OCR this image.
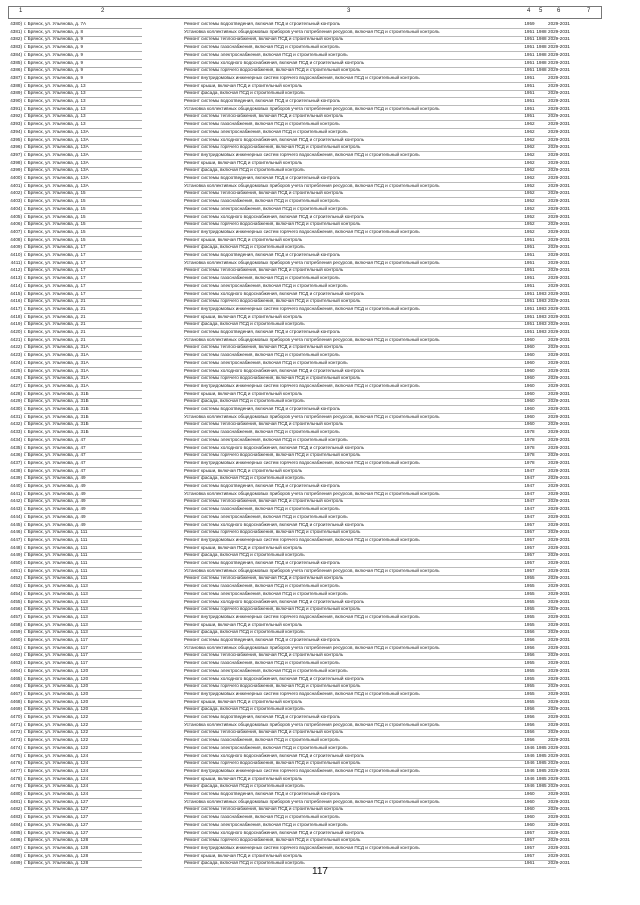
1	2	3	4 5 6	7
4380) г. Брянск, ул. Ульянова, д. 7А	Ремонт системы водоотведения, включая ПСД и строительный контроль	1959	2029-2031
4381) г. Брянск, ул. Ульянова, д. 8	Установка коллективных общедомовых приборов учета потребления ресурсов, включая ПСД и строительный контроль	1951 1988 2029-2031
4382) г. Брянск, ул. Ульянова, д. 9	Ремонт системы теплоснабжения, включая ПСД и строительный контроль	1951 1988 2029-2031
4383) г. Брянск, ул. Ульянова, д. 9	Ремонт системы газоснабжения, включая ПСД и строительный контроль	1951 1988 2029-2031
4384) г. Брянск, ул. Ульянова, д. 9	Ремонт системы электроснабжения, включая ПСД и строительный контроль	1951 1988 2029-2031
4385) г. Брянск, ул. Ульянова, д. 9	Ремонт системы холодного водоснабжения, включая ПСД и строительный контроль	1951 1988 2029-2031
4386) г. Брянск, ул. Ульянова, д. 9	Ремонт системы горячего водоснабжения, включая ПСД и строительный контроль	1951 1988 2029-2031
4387) г. Брянск, ул. Ульянова, д. 9	Ремонт внутридомовых инженерных систем горячего водоснабжения, включая ПСД и строительный контроль	1951	2029-2031
4388) г. Брянск, ул. Ульянова, д. 13	Ремонт крыши, включая ПСД и строительный контроль	1951	2029-2031
4389) г. Брянск, ул. Ульянова, д. 13	Ремонт фасада, включая ПСД и строительный контроль	1951	2029-2031
4390) г. Брянск, ул. Ульянова, д. 13	Ремонт системы водоотведения, включая ПСД и строительный контроль	1951	2029-2031
4391) г. Брянск, ул. Ульянова, д. 13	Установка коллективных общедомовых приборов учета потребления ресурсов, включая ПСД и строительный контроль	1951	2029-2031
4392) г. Брянск, ул. Ульянова, д. 13	Ремонт системы теплоснабжения, включая ПСД и строительный контроль	1951	2029-2031
4393) г. Брянск, ул. Ульянова, д. 13	Ремонт системы газоснабжения, включая ПСД и строительный контроль	1962	2029-2031
4394) г. Брянск, ул. Ульянова, д. 13А	Ремонт системы электроснабжения, включая ПСД и строительный контроль	1962	2029-2031
4395) г. Брянск, ул. Ульянова, д. 13А	Ремонт системы холодного водоснабжения, включая ПСД и строительный контроль	1962	2029-2031
4396) г. Брянск, ул. Ульянова, д. 13А	Ремонт системы горячего водоснабжения, включая ПСД и строительный контроль	1962	2029-2031
4397) г. Брянск, ул. Ульянова, д. 13А	Ремонт внутридомовых инженерных систем горячего водоснабжения, включая ПСД и строительный контроль	1962	2029-2031
4398) г. Брянск, ул. Ульянова, д. 13А	Ремонт крыши, включая ПСД и строительный контроль	1962	2029-2031
4399) г. Брянск, ул. Ульянова, д. 13А	Ремонт фасада, включая ПСД и строительный контроль	1962	2029-2031
4400) г. Брянск, ул. Ульянова, д. 13А	Ремонт системы водоотведения, включая ПСД и строительный контроль	1962	2029-2031
4401) г. Брянск, ул. Ульянова, д. 13А	Установка коллективных общедомовых приборов учета потребления ресурсов, включая ПСД и строительный контроль	1952	2029-2031
4402) г. Брянск, ул. Ульянова, д. 15	Ремонт системы теплоснабжения, включая ПСД и строительный контроль	1952	2029-2031
4403) г. Брянск, ул. Ульянова, д. 15	Ремонт системы газоснабжения, включая ПСД и строительный контроль	1952	2029-2031
4404) г. Брянск, ул. Ульянова, д. 15	Ремонт системы электроснабжения, включая ПСД и строительный контроль	1952	2029-2031
4405) г. Брянск, ул. Ульянова, д. 15	Ремонт системы холодного водоснабжения, включая ПСД и строительный контроль	1952	2029-2031
4406) г. Брянск, ул. Ульянова, д. 15	Ремонт системы горячего водоснабжения, включая ПСД и строительный контроль	1952	2029-2031
4407) г. Брянск, ул. Ульянова, д. 15	Ремонт внутридомовых инженерных систем горячего водоснабжения, включая ПСД и строительный контроль	1952	2029-2031
4408) г. Брянск, ул. Ульянова, д. 15	Ремонт крыши, включая ПСД и строительный контроль	1951	2029-2031
4409) г. Брянск, ул. Ульянова, д. 17	Ремонт фасада, включая ПСД и строительный контроль	1951	2029-2031
4410) г. Брянск, ул. Ульянова, д. 17	Ремонт системы водоотведения, включая ПСД и строительный контроль	1951	2029-2031
4411) г. Брянск, ул. Ульянова, д. 17	Установка коллективных общедомовых приборов учета потребления ресурсов, включая ПСД и строительный контроль	1951	2029-2031
4412) г. Брянск, ул. Ульянова, д. 17	Ремонт системы теплоснабжения, включая ПСД и строительный контроль	1951	2029-2031
4413) г. Брянск, ул. Ульянова, д. 17	Ремонт системы газоснабжения, включая ПСД и строительный контроль	1951	2029-2031
4414) г. Брянск, ул. Ульянова, д. 17	Ремонт системы электроснабжения, включая ПСД и строительный контроль	1951	2029-2031
4415) г. Брянск, ул. Ульянова, д. 17	Ремонт системы холодного водоснабжения, включая ПСД и строительный контроль	1951 1983 2029-2031
4416) г. Брянск, ул. Ульянова, д. 21	Ремонт системы горячего водоснабжения, включая ПСД и строительный контроль	1951 1983 2029-2031
4417) г. Брянск, ул. Ульянова, д. 21	Ремонт внутридомовых инженерных систем горячего водоснабжения, включая ПСД и строительный контроль	1951 1983 2029-2031
4418) г. Брянск, ул. Ульянова, д. 21	Ремонт крыши, включая ПСД и строительный контроль	1951 1983 2029-2031
4419) г. Брянск, ул. Ульянова, д. 21	Ремонт фасада, включая ПСД и строительный контроль	1951 1983 2029-2031
4420) г. Брянск, ул. Ульянова, д. 21	Ремонт системы водоотведения, включая ПСД и строительный контроль	1951 1983 2029-2031
4421) г. Брянск, ул. Ульянова, д. 21	Установка коллективных общедомовых приборов учета потребления ресурсов, включая ПСД и строительный контроль	1960	2029-2031
4422) г. Брянск, ул. Ульянова, д. 31А	Ремонт системы теплоснабжения, включая ПСД и строительный контроль	1960	2029-2031
4423) г. Брянск, ул. Ульянова, д. 31А	Ремонт системы газоснабжения, включая ПСД и строительный контроль	1960	2029-2031
4424) г. Брянск, ул. Ульянова, д. 31А	Ремонт системы электроснабжения, включая ПСД и строительный контроль	1960	2029-2031
4425) г. Брянск, ул. Ульянова, д. 31А	Ремонт системы холодного водоснабжения, включая ПСД и строительный контроль	1960	2029-2031
4426) г. Брянск, ул. Ульянова, д. 31А	Ремонт системы горячего водоснабжения, включая ПСД и строительный контроль	1960	2029-2031
4427) г. Брянск, ул. Ульянова, д. 31А	Ремонт внутридомовых инженерных систем горячего водоснабжения, включая ПСД и строительный контроль	1960	2029-2031
4428) г. Брянск, ул. Ульянова, д. 31Б	Ремонт крыши, включая ПСД и строительный контроль	1960	2029-2031
4429) г. Брянск, ул. Ульянова, д. 31Б	Ремонт фасада, включая ПСД и строительный контроль	1960	2029-2031
4430) г. Брянск, ул. Ульянова, д. 31Б	Ремонт системы водоотведения, включая ПСД и строительный контроль	1960	2029-2031
4431) г. Брянск, ул. Ульянова, д. 31Б	Установка коллективных общедомовых приборов учета потребления ресурсов, включая ПСД и строительный контроль	1960	2029-2031
4432) г. Брянск, ул. Ульянова, д. 31Б	Ремонт системы теплоснабжения, включая ПСД и строительный контроль	1960	2029-2031
4433) г. Брянск, ул. Ульянова, д. 31Б	Ремонт системы газоснабжения, включая ПСД и строительный контроль	1978	2029-2031
4434) г. Брянск, ул. Ульянова, д. 47	Ремонт системы электроснабжения, включая ПСД и строительный контроль	1978	2029-2031
4435) г. Брянск, ул. Ульянова, д. 47	Ремонт системы холодного водоснабжения, включая ПСД и строительный контроль	1978	2029-2031
4436) г. Брянск, ул. Ульянова, д. 47	Ремонт системы горячего водоснабжения, включая ПСД и строительный контроль	1978	2029-2031
4437) г. Брянск, ул. Ульянова, д. 47	Ремонт внутридомовых инженерных систем горячего водоснабжения, включая ПСД и строительный контроль	1978	2029-2031
4438) г. Брянск, ул. Ульянова, д. 47	Ремонт крыши, включая ПСД и строительный контроль	1947	2029-2031
4439) г. Брянск, ул. Ульянова, д. 49	Ремонт фасада, включая ПСД и строительный контроль	1947	2029-2031
4440) г. Брянск, ул. Ульянова, д. 49	Ремонт системы водоотведения, включая ПСД и строительный контроль	1947	2029-2031
4441) г. Брянск, ул. Ульянова, д. 49	Установка коллективных общедомовых приборов учета потребления ресурсов, включая ПСД и строительный контроль	1947	2029-2031
4442) г. Брянск, ул. Ульянова, д. 49	Ремонт системы теплоснабжения, включая ПСД и строительный контроль	1947	2029-2031
4443) г. Брянск, ул. Ульянова, д. 49	Ремонт системы газоснабжения, включая ПСД и строительный контроль	1947	2029-2031
4444) г. Брянск, ул. Ульянова, д. 49	Ремонт системы электроснабжения, включая ПСД и строительный контроль	1947	2029-2031
4445) г. Брянск, ул. Ульянова, д. 49	Ремонт системы холодного водоснабжения, включая ПСД и строительный контроль	1957	2029-2031
4446) г. Брянск, ул. Ульянова, д. 111	Ремонт системы горячего водоснабжения, включая ПСД и строительный контроль	1957	2029-2031
4447) г. Брянск, ул. Ульянова, д. 111	Ремонт внутридомовых инженерных систем горячего водоснабжения, включая ПСД и строительный контроль	1957	2029-2031
4448) г. Брянск, ул. Ульянова, д. 111	Ремонт крыши, включая ПСД и строительный контроль	1957	2029-2031
4449) г. Брянск, ул. Ульянова, д. 111	Ремонт фасада, включая ПСД и строительный контроль	1957	2029-2031
4450) г. Брянск, ул. Ульянова, д. 111	Ремонт системы водоотведения, включая ПСД и строительный контроль	1957	2029-2031
4451) г. Брянск, ул. Ульянова, д. 111	Установка коллективных общедомовых приборов учета потребления ресурсов, включая ПСД и строительный контроль	1957	2029-2031
4452) г. Брянск, ул. Ульянова, д. 111	Ремонт системы теплоснабжения, включая ПСД и строительный контроль	1955	2029-2031
4453) г. Брянск, ул. Ульянова, д. 113	Ремонт системы газоснабжения, включая ПСД и строительный контроль	1955	2029-2031
4454) г. Брянск, ул. Ульянова, д. 113	Ремонт системы электроснабжения, включая ПСД и строительный контроль	1955	2029-2031
4455) г. Брянск, ул. Ульянова, д. 113	Ремонт системы холодного водоснабжения, включая ПСД и строительный контроль	1955	2029-2031
4456) г. Брянск, ул. Ульянова, д. 113	Ремонт системы горячего водоснабжения, включая ПСД и строительный контроль	1955	2029-2031
4457) г. Брянск, ул. Ульянова, д. 113	Ремонт внутридомовых инженерных систем горячего водоснабжения, включая ПСД и строительный контроль	1955	2029-2031
4458) г. Брянск, ул. Ульянова, д. 113	Ремонт крыши, включая ПСД и строительный контроль	1955	2029-2031
4459) г. Брянск, ул. Ульянова, д. 113	Ремонт фасада, включая ПСД и строительный контроль	1956	2029-2031
4460) г. Брянск, ул. Ульянова, д. 117	Ремонт системы водоотведения, включая ПСД и строительный контроль	1956	2029-2031
4461) г. Брянск, ул. Ульянова, д. 117	Установка коллективных общедомовых приборов учета потребления ресурсов, включая ПСД и строительный контроль	1956	2029-2031
4462) г. Брянск, ул. Ульянова, д. 117	Ремонт системы теплоснабжения, включая ПСД и строительный контроль	1956	2029-2031
4463) г. Брянск, ул. Ульянова, д. 117	Ремонт системы газоснабжения, включая ПСД и строительный контроль	1955	2029-2031
4464) г. Брянск, ул. Ульянова, д. 120	Ремонт системы электроснабжения, включая ПСД и строительный контроль	1955	2029-2031
4465) г. Брянск, ул. Ульянова, д. 120	Ремонт системы холодного водоснабжения, включая ПСД и строительный контроль	1955	2029-2031
4466) г. Брянск, ул. Ульянова, д. 120	Ремонт системы горячего водоснабжения, включая ПСД и строительный контроль	1955	2029-2031
4467) г. Брянск, ул. Ульянова, д. 120	Ремонт внутридомовых инженерных систем горячего водоснабжения, включая ПСД и строительный контроль	1955	2029-2031
4468) г. Брянск, ул. Ульянова, д. 120	Ремонт крыши, включая ПСД и строительный контроль	1955	2029-2031
4469) г. Брянск, ул. Ульянова, д. 120	Ремонт фасада, включая ПСД и строительный контроль	1956	2029-2031
4470) г. Брянск, ул. Ульянова, д. 122	Ремонт системы водоотведения, включая ПСД и строительный контроль	1956	2029-2031
4471) г. Брянск, ул. Ульянова, д. 122	Установка коллективных общедомовых приборов учета потребления ресурсов, включая ПСД и строительный контроль	1956	2029-2031
4472) г. Брянск, ул. Ульянова, д. 122	Ремонт системы теплоснабжения, включая ПСД и строительный контроль	1956	2029-2031
4473) г. Брянск, ул. Ульянова, д. 122	Ремонт системы газоснабжения, включая ПСД и строительный контроль	1956	2029-2031
4474) г. Брянск, ул. Ульянова, д. 122	Ремонт системы электроснабжения, включая ПСД и строительный контроль	1946 1985 2029-2031
4475) г. Брянск, ул. Ульянова, д. 124	Ремонт системы холодного водоснабжения, включая ПСД и строительный контроль	1946 1985 2029-2031
4476) г. Брянск, ул. Ульянова, д. 124	Ремонт системы горячего водоснабжения, включая ПСД и строительный контроль	1946 1985 2029-2031
4477) г. Брянск, ул. Ульянова, д. 124	Ремонт внутридомовых инженерных систем горячего водоснабжения, включая ПСД и строительный контроль	1946 1985 2029-2031
4478) г. Брянск, ул. Ульянова, д. 124	Ремонт крыши, включая ПСД и строительный контроль	1946 1985 2029-2031
4479) г. Брянск, ул. Ульянова, д. 124	Ремонт фасада, включая ПСД и строительный контроль	1946 1985 2029-2031
4480) г. Брянск, ул. Ульянова, д. 124	Ремонт системы водоотведения, включая ПСД и строительный контроль	1960	2029-2031
4481) г. Брянск, ул. Ульянова, д. 127	Установка коллективных общедомовых приборов учета потребления ресурсов, включая ПСД и строительный контроль	1960	2029-2031
4482) г. Брянск, ул. Ульянова, д. 127	Ремонт системы теплоснабжения, включая ПСД и строительный контроль	1960	2029-2031
4483) г. Брянск, ул. Ульянова, д. 127	Ремонт системы газоснабжения, включая ПСД и строительный контроль	1960	2029-2031
4484) г. Брянск, ул. Ульянова, д. 127	Ремонт системы электроснабжения, включая ПСД и строительный контроль	1960	2029-2031
4485) г. Брянск, ул. Ульянова, д. 127	Ремонт системы холодного водоснабжения, включая ПСД и строительный контроль	1957	2029-2031
4486) г. Брянск, ул. Ульянова, д. 128	Ремонт системы горячего водоснабжения, включая ПСД и строительный контроль	1957	2029-2031
4487) г. Брянск, ул. Ульянова, д. 128	Ремонт внутридомовых инженерных систем горячего водоснабжения, включая ПСД и строительный контроль	1957	2029-2031
4488) г. Брянск, ул. Ульянова, д. 128	Ремонт крыши, включая ПСД и строительный контроль	1957	2029-2031
4489) г. Брянск, ул. Ульянова, д. 128	Ремонт фасада, включая ПСД и строительный контроль	1961	2029-2031
117
